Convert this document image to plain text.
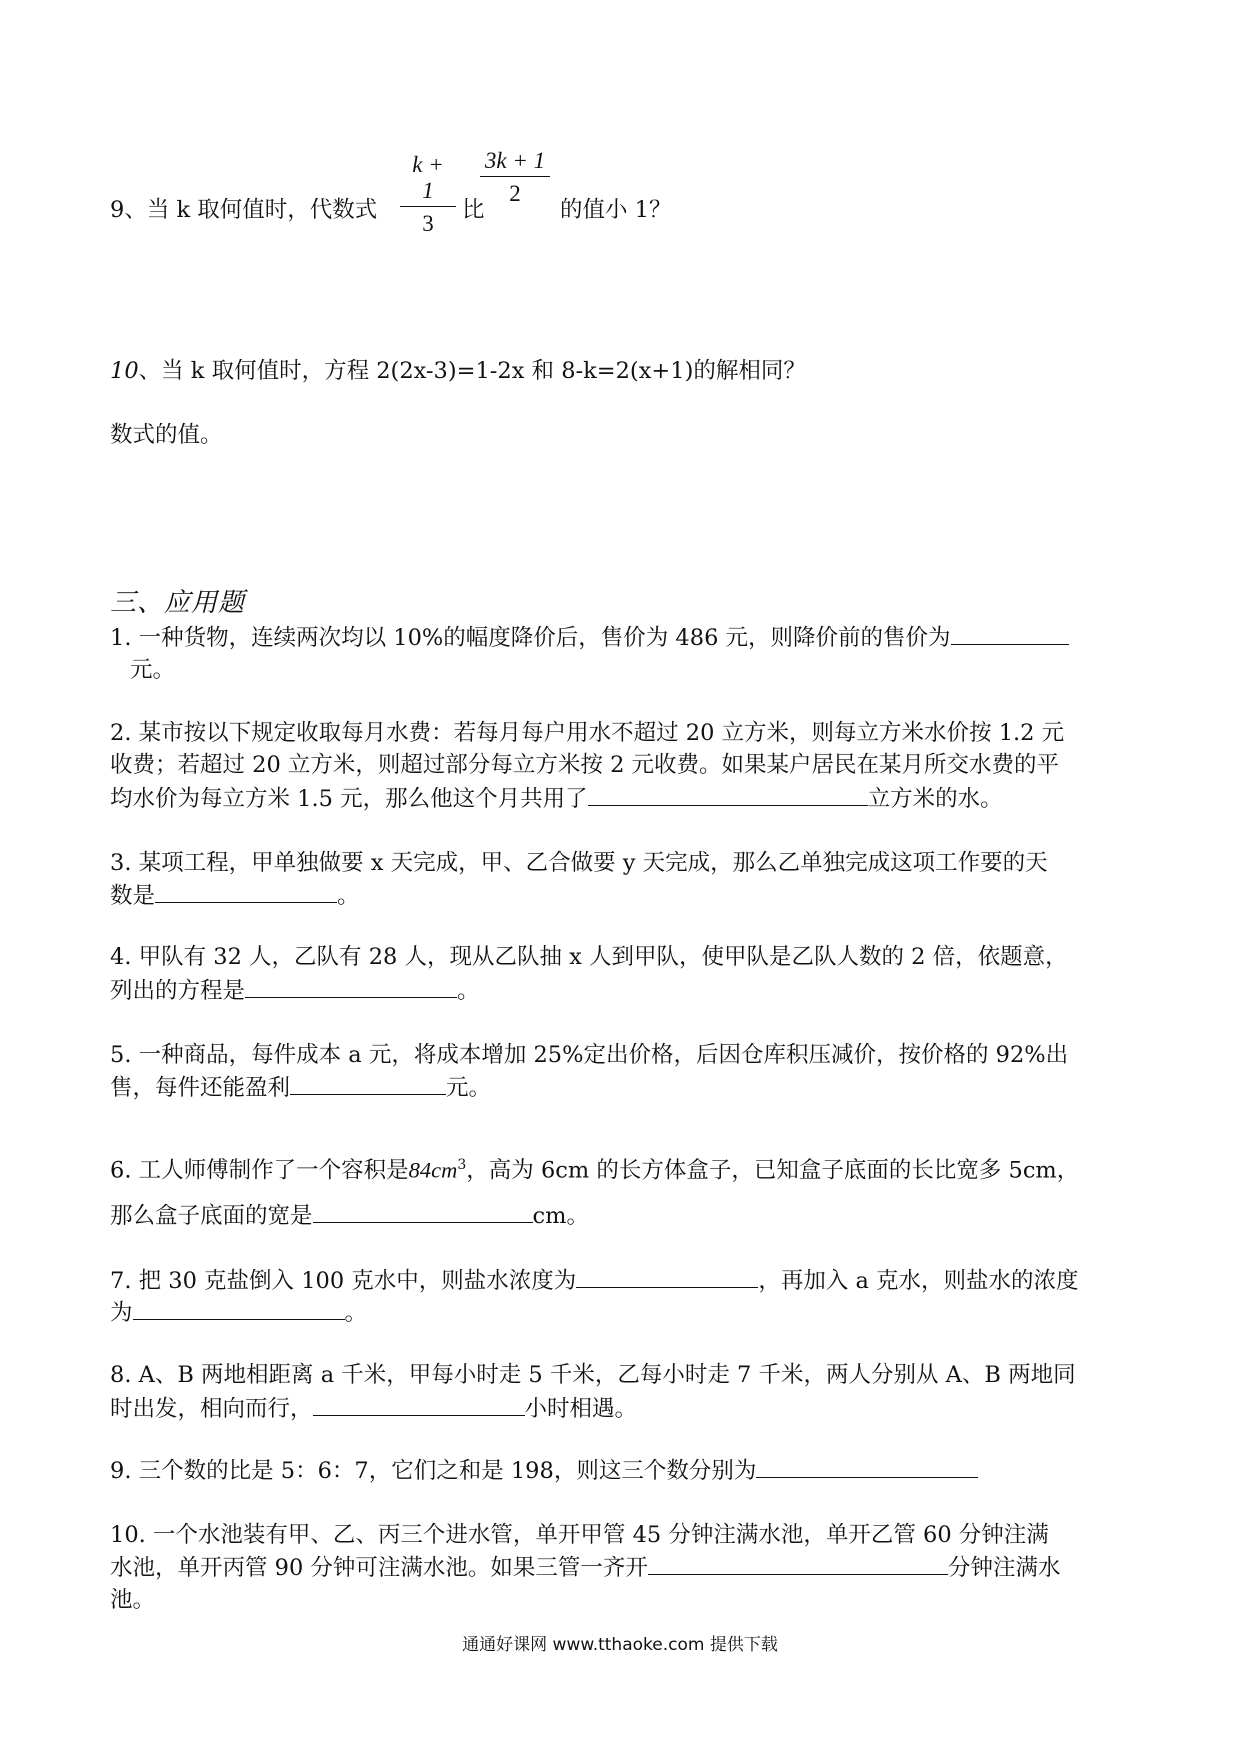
9、当 k 取何值时，代数式 $\frac{k + 1}{3}$ 比
$\frac{3k + 1}{2}$
的值小 1？
10、当 k 取何值时，方程 2(2x-3)=1-2x 和 8-k=2(x+1)的解相同？
数式的值。
三、应用题
1. 一种货物，连续两次均以 10%的幅度降价后，售价为 486 元，则降价前的售价为
元。
2. 某市按以下规定收取每月水费：若每月每户用水不超过 20 立方米，则每立方米水价按 1.2 元
收费；若超过 20 立方米，则超过部分每立方米按 2 元收费。如果某户居民在某月所交水费的平
均水价为每立方米 1.5 元，那么他这个月共用了	立方米的水。
3. 某项工程，甲单独做要 x 天完成，甲、乙合做要 y 天完成，那么乙单独完成这项工作要的天
数是	。
4. 甲队有 32 人，乙队有 28 人，现从乙队抽 x 人到甲队，使甲队是乙队人数的 2 倍，依题意，
列出的方程是	。
5. 一种商品，每件成本 a 元，将成本增加 25%定出价格，后因仓库积压减价，按价格的 92%出
售，每件还能盈利	元。
6. 工人师傅制作了一个容积是$84cm^3$，高为 6cm 的长方体盒子，已知盒子底面的长比宽多 5cm，
那么盒子底面的宽是	cm。
7. 把 30 克盐倒入 100 克水中，则盐水浓度为	，再加入 a 克水，则盐水的浓度
为	。
8. A、B 两地相距离 a 千米，甲每小时走 5 千米，乙每小时走 7 千米，两人分别从 A、B 两地同
时出发，相向而行，	小时相遇。
9. 三个数的比是 5：6：7，它们之和是 198，则这三个数分别为
10. 一个水池装有甲、乙、丙三个进水管，单开甲管 45 分钟注满水池，单开乙管 60 分钟注满
水池，单开丙管 90 分钟可注满水池。如果三管一齐开	分钟注满水
池。
通通好课网 www.tthaoke.com 提供下载
